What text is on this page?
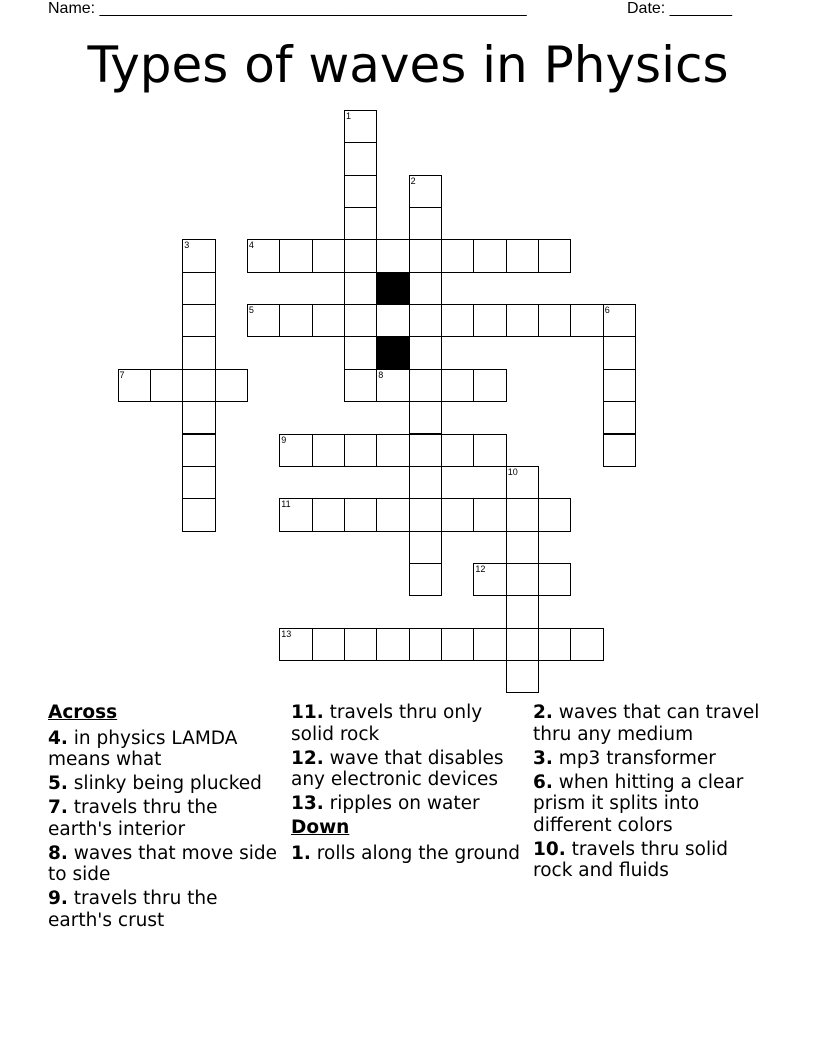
Name: ________________________________________________	Date: _______
Types of waves in Physics
1
2
3	4
5	6
7	8
9
10
11
12
13
Across
4. in physics LAMDA means what
5. slinky being plucked
7. travels thru the earth's interior
8. waves that move side to side
9. travels thru the earth's crust
11. travels thru only solid rock
12. wave that disables any electronic devices
13. ripples on water
Down
1. rolls along the ground
2. waves that can travel thru any medium
3. mp3 transformer
6. when hitting a clear prism it splits into different colors
10. travels thru solid rock and fluids
